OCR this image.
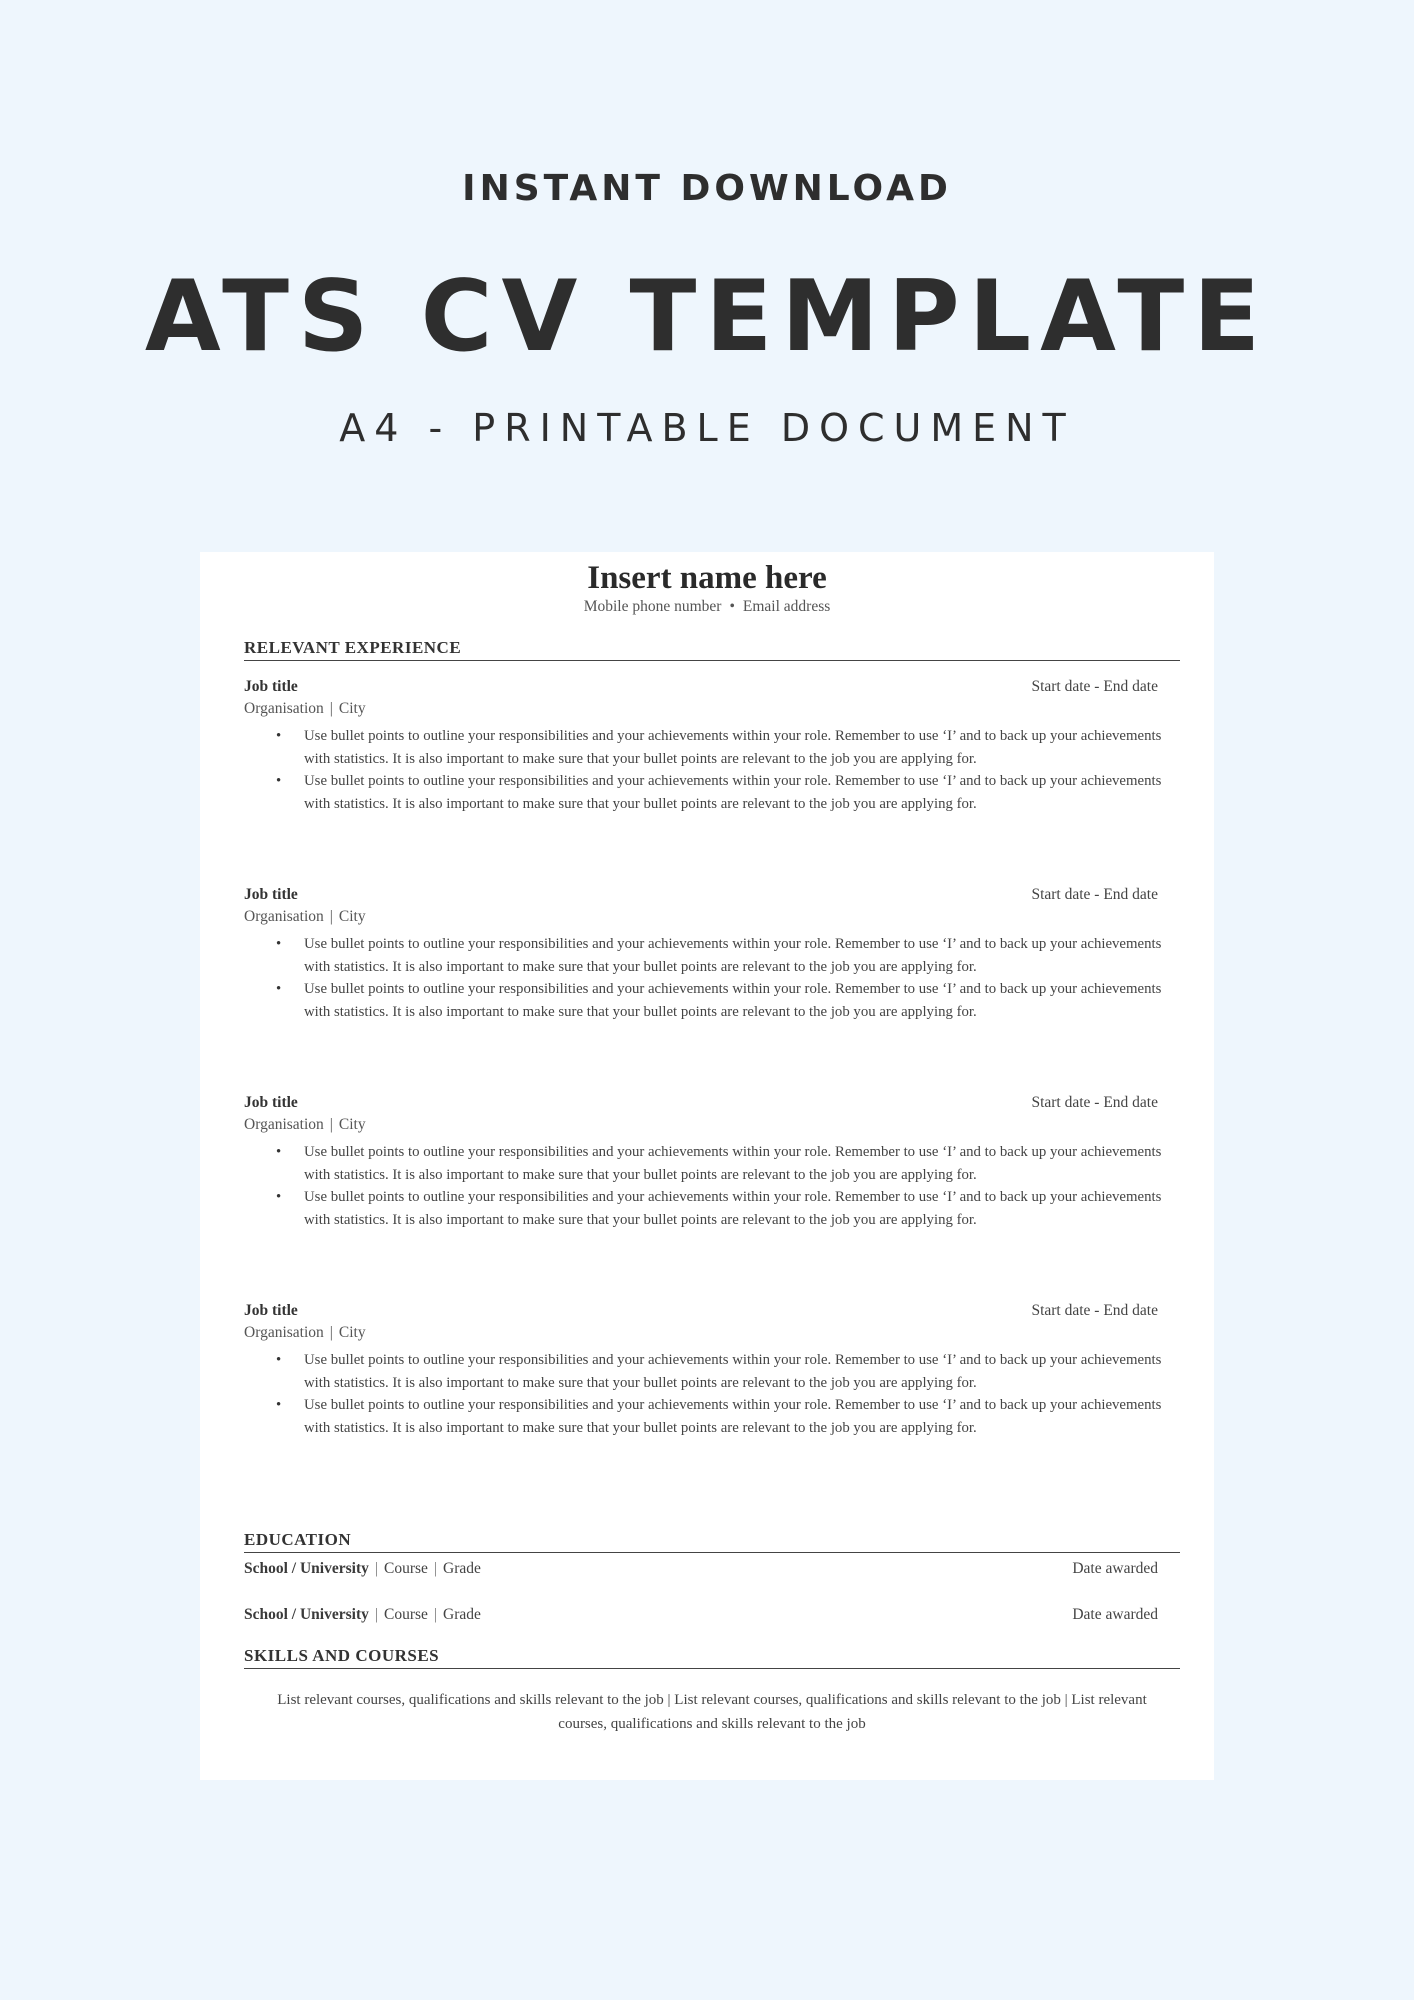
INSTANT DOWNLOAD
ATS CV TEMPLATE
A4 - PRINTABLE DOCUMENT
Insert name here
Mobile phone number • Email address
RELEVANT EXPERIENCE
Job title	Start date - End date
Organisation | City
• Use bullet points to outline your responsibilities and your achievements within your role. Remember to use ‘I’ and to back up your achievements with statistics. It is also important to make sure that your bullet points are relevant to the job you are applying for.
• Use bullet points to outline your responsibilities and your achievements within your role. Remember to use ‘I’ and to back up your achievements with statistics. It is also important to make sure that your bullet points are relevant to the job you are applying for.
Job title	Start date - End date
Organisation | City
• Use bullet points to outline your responsibilities and your achievements within your role. Remember to use ‘I’ and to back up your achievements with statistics. It is also important to make sure that your bullet points are relevant to the job you are applying for.
• Use bullet points to outline your responsibilities and your achievements within your role. Remember to use ‘I’ and to back up your achievements with statistics. It is also important to make sure that your bullet points are relevant to the job you are applying for.
Job title	Start date - End date
Organisation | City
• Use bullet points to outline your responsibilities and your achievements within your role. Remember to use ‘I’ and to back up your achievements with statistics. It is also important to make sure that your bullet points are relevant to the job you are applying for.
• Use bullet points to outline your responsibilities and your achievements within your role. Remember to use ‘I’ and to back up your achievements with statistics. It is also important to make sure that your bullet points are relevant to the job you are applying for.
Job title	Start date - End date
Organisation | City
• Use bullet points to outline your responsibilities and your achievements within your role. Remember to use ‘I’ and to back up your achievements with statistics. It is also important to make sure that your bullet points are relevant to the job you are applying for.
• Use bullet points to outline your responsibilities and your achievements within your role. Remember to use ‘I’ and to back up your achievements with statistics. It is also important to make sure that your bullet points are relevant to the job you are applying for.
EDUCATION
School / University | Course | Grade	Date awarded
School / University | Course | Grade	Date awarded
SKILLS AND COURSES
List relevant courses, qualifications and skills relevant to the job | List relevant courses, qualifications and skills relevant to the job | List relevant courses, qualifications and skills relevant to the job
